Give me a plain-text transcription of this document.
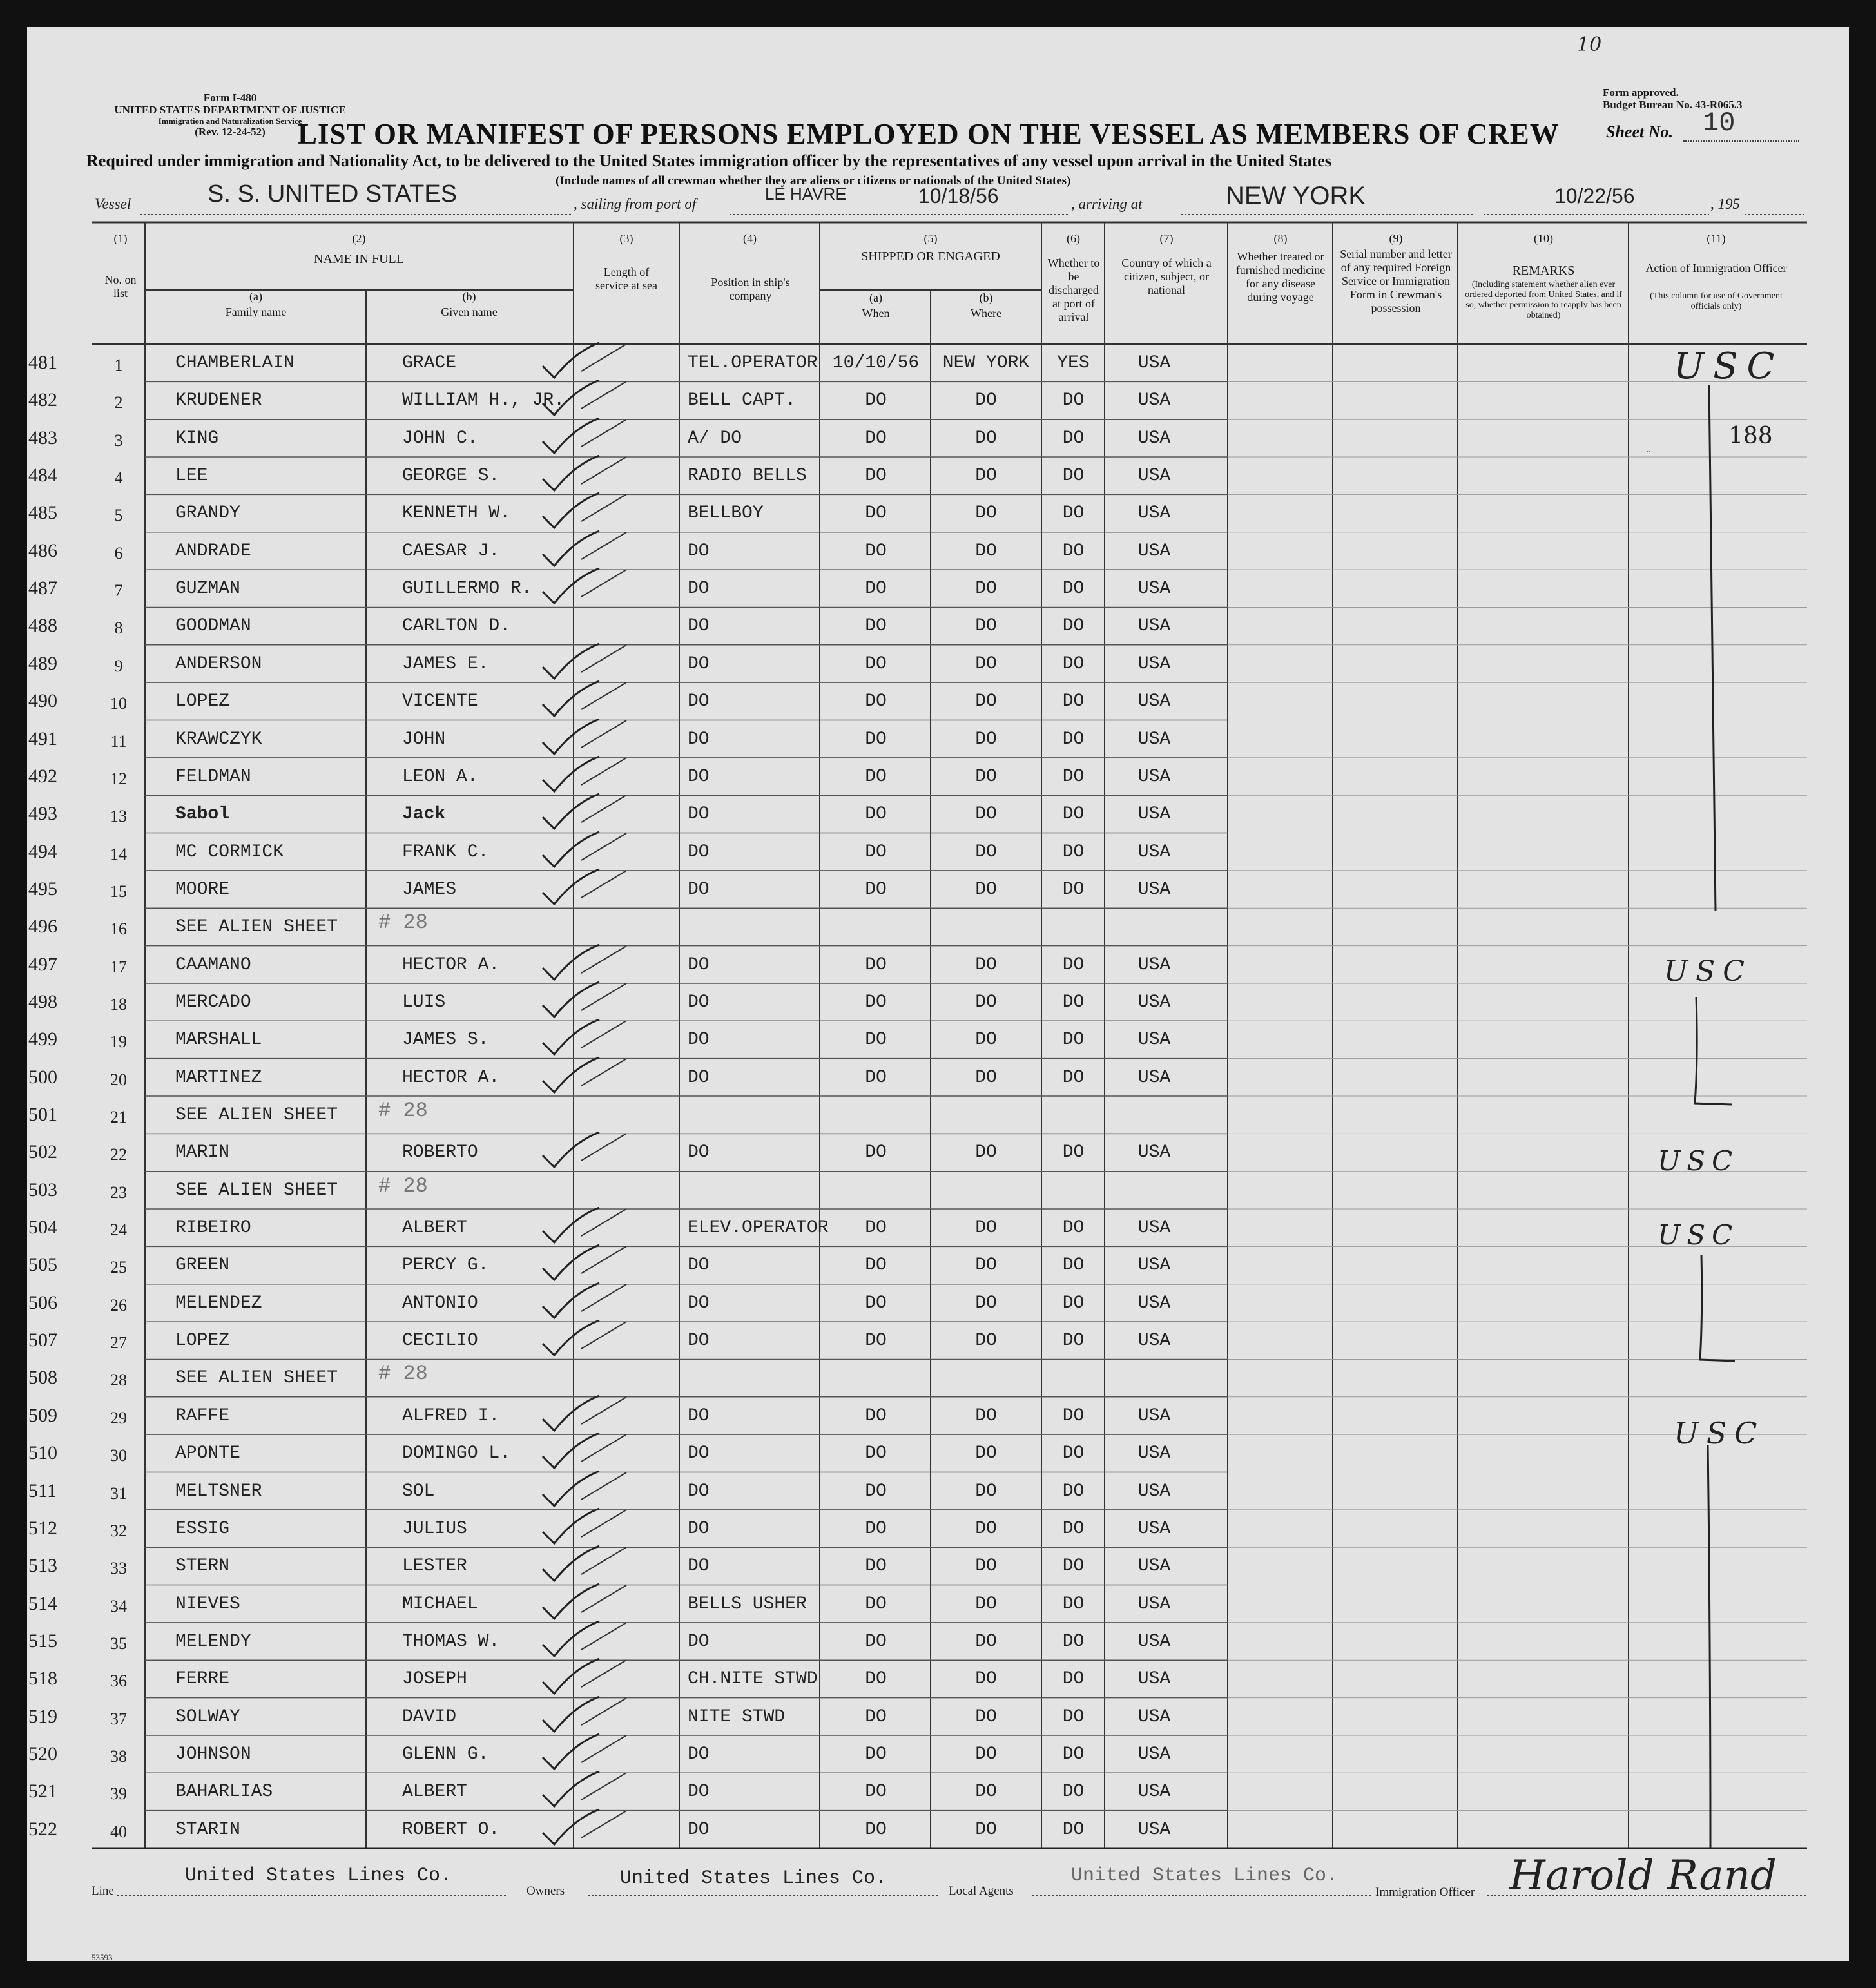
10
Form I-480
UNITED STATES DEPARTMENT OF JUSTICE
Immigration and Naturalization Service
(Rev. 12-24-52)
Form approved.
Budget Bureau No. 43-R065.3
LIST OR MANIFEST OF PERSONS EMPLOYED ON THE VESSEL AS MEMBERS OF CREW	Sheet No. 10
Required under immigration and Nationality Act, to be delivered to the United States immigration officer by the representatives of any vessel upon arrival in the United States
(Include names of all crewman whether they are aliens or citizens or nationals of the United States)
Vessel	S. S. UNITED STATES	, sailing from port of
LE HAVRE	10/18/56	, arriving at	NEW YORK	10/22/56	, 195
(1)
No. on list
(2)
NAME IN FULL
(a)
Family name
(b)
Given name
(3)
Length of service at sea
(4)
Position in ship's company
(5)
SHIPPED OR ENGAGED
(a)
When
(b)
Where
(6)
Whether to be discharged at port of arrival
(7)
Country of which a citizen, subject, or national
(8)
Whether treated or furnished medicine for any disease during voyage
(9)
Serial number and letter of any required Foreign Service or Immigration Form in Crewman's possession
(10)
REMARKS
(Including statement whether alien ever ordered deported from United States, and if so, whether permission to reapply has been obtained)
(11)
Action of Immigration Officer
(This column for use of Government officials only)
481	1	CHAMBERLAIN	GRACE	TEL.OPERATOR 10/10/56	NEW YORK	YES	USA
482	2	KRUDENER	WILLIAM H., JR.	BELL CAPT.	DO	DO	DO	USA
483	3	KING	JOHN C.	A/ DO	DO	DO	DO	USA
484	4	LEE	GEORGE S.	RADIO BELLS	DO	DO	DO	USA
485	5	GRANDY	KENNETH W.	BELLBOY	DO	DO	DO	USA
486	6	ANDRADE	CAESAR J.	DO	DO	DO	DO	USA
487	7	GUZMAN	GUILLERMO R.	DO	DO	DO	DO	USA
488	8	GOODMAN	CARLTON D.	DO	DO	DO	DO	USA
489	9	ANDERSON	JAMES E.	DO	DO	DO	DO	USA
490	10	LOPEZ	VICENTE	DO	DO	DO	DO	USA
491	11	KRAWCZYK	JOHN	DO	DO	DO	DO	USA
492	12	FELDMAN	LEON A.	DO	DO	DO	DO	USA
493	13	Sabol	Jack	DO	DO	DO	DO	USA
494	14	MC CORMICK	FRANK C.	DO	DO	DO	DO	USA
495	15	MOORE	JAMES	DO	DO	DO	DO	USA
496	16	SEE ALIEN SHEET # 28
497	17	CAAMANO	HECTOR A.	DO	DO	DO	DO	USA
498	18	MERCADO	LUIS	DO	DO	DO	DO	USA
499	19	MARSHALL	JAMES S.	DO	DO	DO	DO	USA
500	20	MARTINEZ	HECTOR A.	DO	DO	DO	DO	USA
501	21	SEE ALIEN SHEET # 28
502	22	MARIN	ROBERTO	DO	DO	DO	DO	USA
503	23	SEE ALIEN SHEET # 28
504	24	RIBEIRO	ALBERT	ELEV.OPERATOR	DO	DO	DO	USA
505	25	GREEN	PERCY G.	DO	DO	DO	DO	USA
506	26	MELENDEZ	ANTONIO	DO	DO	DO	DO	USA
507	27	LOPEZ	CECILIO	DO	DO	DO	DO	USA
508	28	SEE ALIEN SHEET # 28
509	29	RAFFE	ALFRED I.	DO	DO	DO	DO	USA
510	30	APONTE	DOMINGO L.	DO	DO	DO	DO	USA
511	31	MELTSNER	SOL	DO	DO	DO	DO	USA
512	32	ESSIG	JULIUS	DO	DO	DO	DO	USA
513	33	STERN	LESTER	DO	DO	DO	DO	USA
514	34	NIEVES	MICHAEL	BELLS USHER	DO	DO	DO	USA
515	35	MELENDY	THOMAS W.	DO	DO	DO	DO	USA
518	36	FERRE	JOSEPH	CH.NITE STWD	DO	DO	DO	USA
519	37	SOLWAY	DAVID	NITE STWD	DO	DO	DO	USA
520	38	JOHNSON	GLENN G.	DO	DO	DO	DO	USA
521	39	BAHARLIAS	ALBERT	DO	DO	DO	DO	USA
522	40	STARIN	ROBERT O.	DO	DO	DO	DO	USA
USC
188
USC
USC
USC
USC
..
Line
United States Lines Co.
Owners
United States Lines Co.
Local Agents
United States Lines Co.
Immigration Officer Harold Rand
53593
